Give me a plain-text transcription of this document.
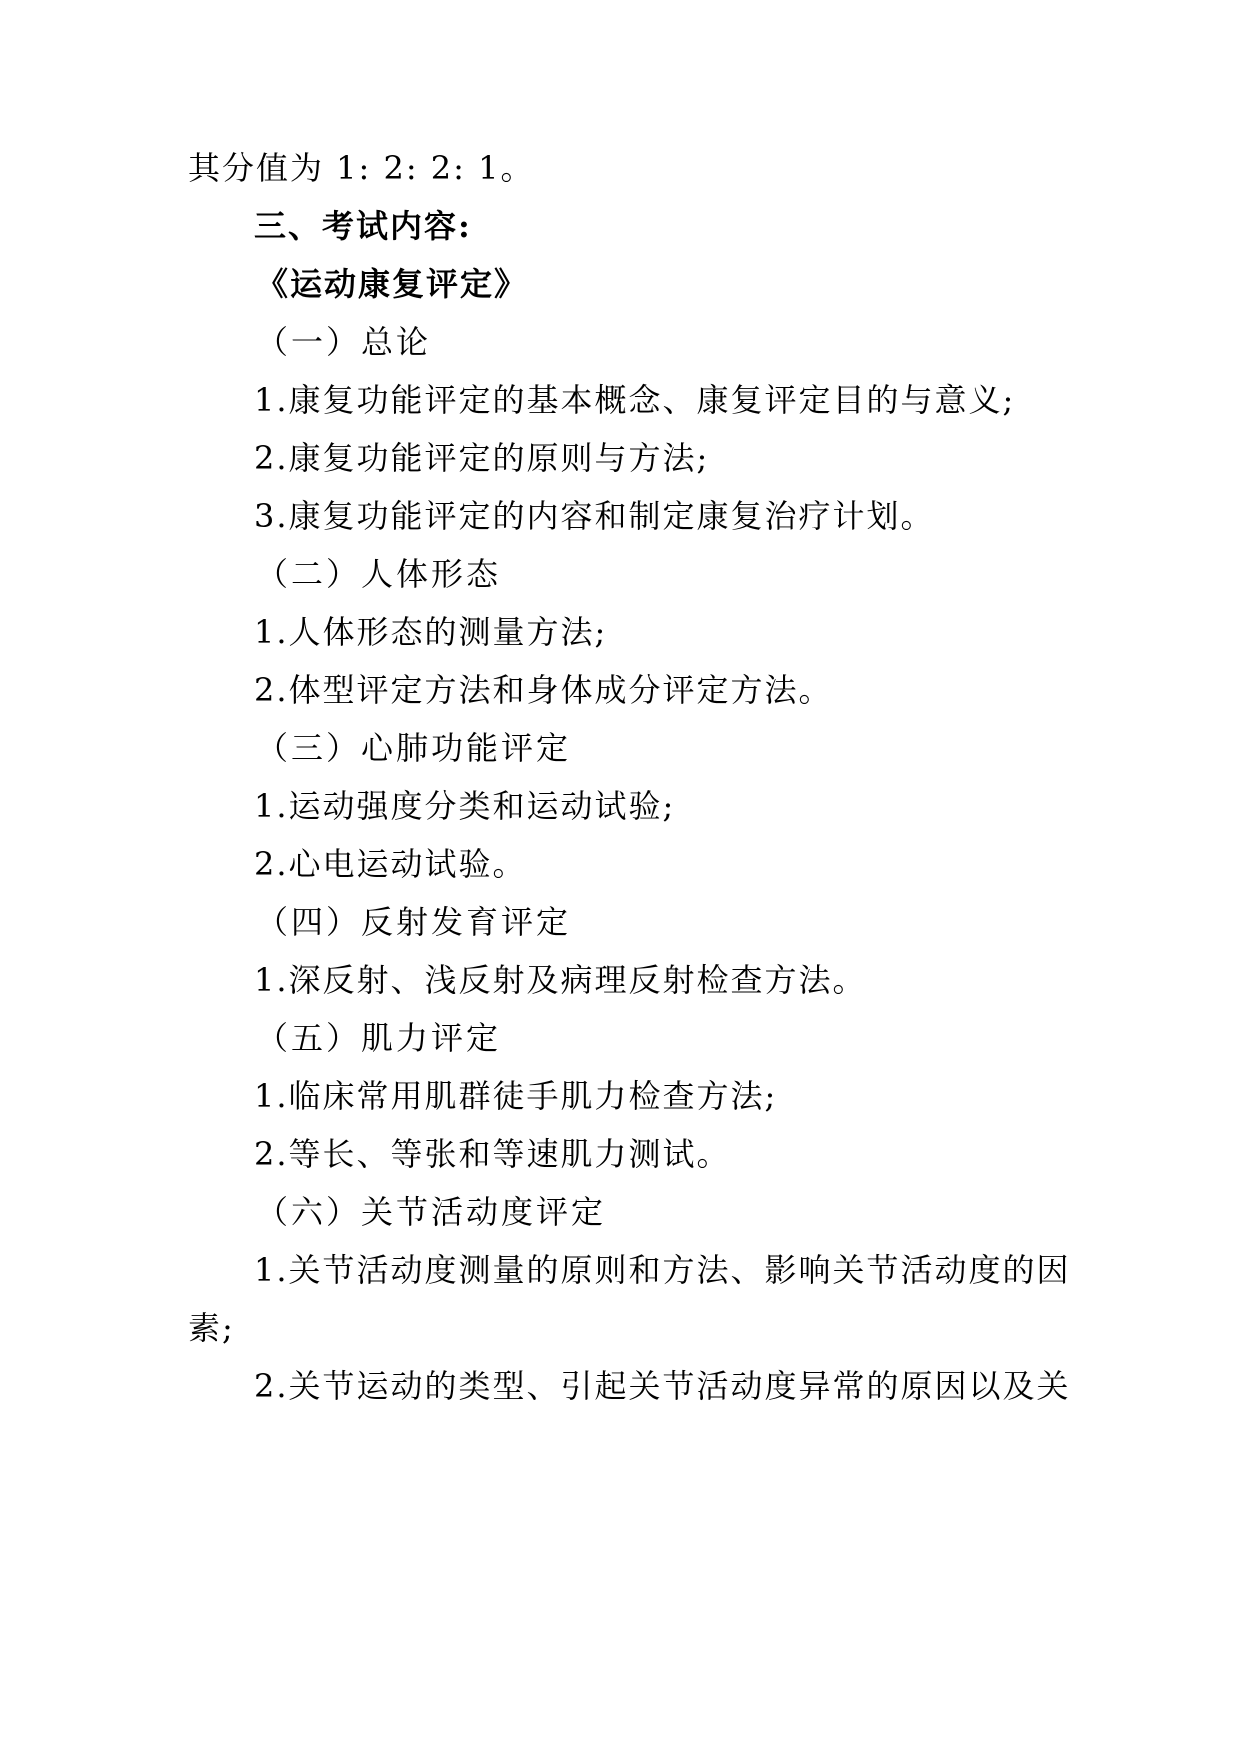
其分值为 1: 2: 2: 1。
三、考试内容:
《运动康复评定》
（一）总论
1.康复功能评定的基本概念、康复评定目的与意义;
2.康复功能评定的原则与方法;
3.康复功能评定的内容和制定康复治疗计划。
（二）人体形态
1.人体形态的测量方法;
2.体型评定方法和身体成分评定方法。
（三）心肺功能评定
1.运动强度分类和运动试验;
2.心电运动试验。
（四）反射发育评定
1.深反射、浅反射及病理反射检查方法。
（五）肌力评定
1.临床常用肌群徒手肌力检查方法;
2.等长、等张和等速肌力测试。
（六）关节活动度评定
1.关节活动度测量的原则和方法、影响关节活动度的因
素;
2.关节运动的类型、引起关节活动度异常的原因以及关
